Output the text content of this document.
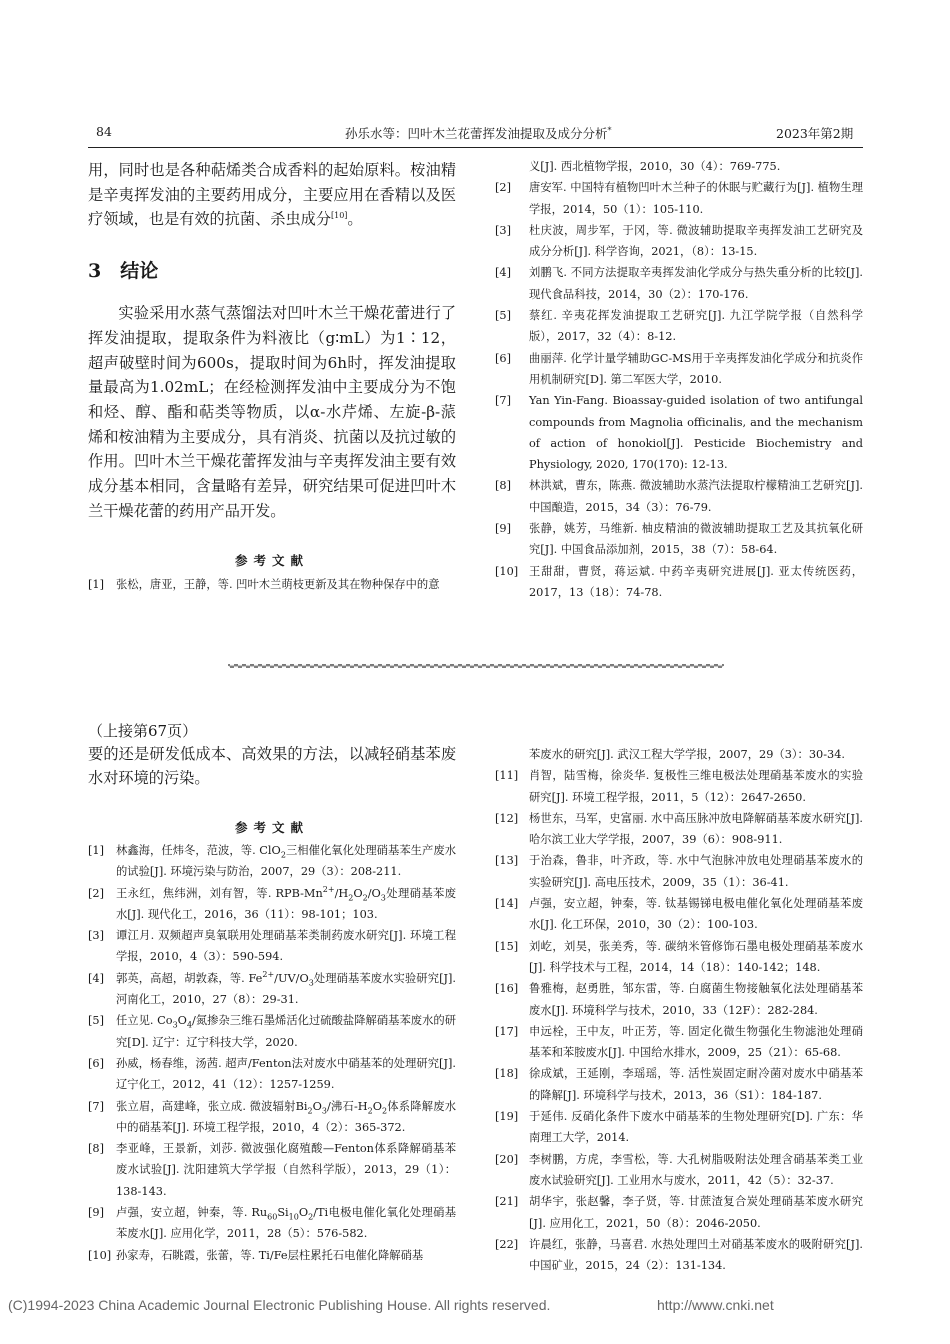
84	孙乐水等：凹叶木兰花蕾挥发油提取及成分分析*	2023年第2期
用，同时也是各种萜烯类合成香料的起始原料。桉油精是辛夷挥发油的主要药用成分，主要应用在香精以及医疗领域，也是有效的抗菌、杀虫成分[10]。
3　结论
实验采用水蒸气蒸馏法对凹叶木兰干燥花蕾进行了挥发油提取，提取条件为料液比（g∶mL）为1∶12，超声破壁时间为600s，提取时间为6h时，挥发油提取量最高为1.02mL；在经检测挥发油中主要成分为不饱和烃、醇、酯和萜类等物质，以α-水芹烯、左旋-β-蒎烯和桉油精为主要成分，具有消炎、抗菌以及抗过敏的作用。凹叶木兰干燥花蕾挥发油与辛夷挥发油主要有效成分基本相同，含量略有差异，研究结果可促进凹叶木兰干燥花蕾的药用产品开发。
参考文献
[1]	张松，唐亚，王静，等. 凹叶木兰萌枝更新及其在物种保存中的意
义[J]. 西北植物学报，2010，30（4）：769-775.
[2]	唐安军. 中国特有植物凹叶木兰种子的休眠与贮藏行为[J]. 植物生理学报，2014，50（1）：105-110.
[3]	杜庆波，周步军，于冈，等. 微波辅助提取辛夷挥发油工艺研究及成分分析[J]. 科学咨询，2021，（8）：13-15.
[4]	刘鹏飞. 不同方法提取辛夷挥发油化学成分与热失重分析的比较[J]. 现代食品科技，2014，30（2）：170-176.
[5]	蔡红. 辛夷花挥发油提取工艺研究[J]. 九江学院学报（自然科学版），2017，32（4）：8-12.
[6]	曲丽萍. 化学计量学辅助GC-MS用于辛夷挥发油化学成分和抗炎作用机制研究[D]. 第二军医大学，2010.
[7]	Yan Yin-Fang. Bioassay-guided isolation of two antifungal compounds from Magnolia officinalis, and the mechanism of action of honokiol[J]. Pesticide Biochemistry and Physiology, 2020, 170(170): 12-13.
[8]	林洪斌，曹东，陈燕. 微波辅助水蒸汽法提取柠檬精油工艺研究[J]. 中国酿造，2015，34（3）：76-79.
[9]	张静，姚芳，马维新. 柚皮精油的微波辅助提取工艺及其抗氧化研究[J]. 中国食品添加剂，2015，38（7）：58-64.
[10] 王甜甜，曹贤，蒋运斌. 中药辛夷研究进展[J]. 亚太传统医药，2017，13（18）：74-78.
（上接第67页）
要的还是研发低成本、高效果的方法，以减轻硝基苯废水对环境的污染。
参考文献
[1]	林鑫海，任炜冬，范波，等. ClO$_2$三相催化氧化处理硝基苯生产废水的试验[J]. 环境污染与防治，2007，29（3）：208-211.
[2]	王永红，焦纬洲，刘有智，等. RPB-$Mn^{2+}/H_2O_2/O_3$处理硝基苯废水[J]. 现代化工，2016，36（11）：98-101；103.
[3]	谭江月. 双频超声臭氧联用处理硝基苯类制药废水研究[J]. 环境工程学报，2010，4（3）：590-594.
[4]	郭英，高超，胡敦森，等. $Fe^{2+}/UV/O_3$处理硝基苯废水实验研究[J]. 河南化工，2010，27（8）：29-31.
[5]	任立见. $Co_3O_4/$氮掺杂三维石墨烯活化过硫酸盐降解硝基苯废水的研究[D]. 辽宁：辽宁科技大学，2020.
[6]	孙威，杨春维，汤茜. 超声/Fenton法对废水中硝基苯的处理研究[J]. 辽宁化工，2012，41（12）：1257-1259.
[7]	张立眉，高建峰，张立成. 微波辐射$Bi_2O_3/$沸石$-H_2O_2$体系降解废水中的硝基苯[J]. 环境工程学报，2010，4（2）：365-372.
[8]	李亚峰，王景新，刘莎. 微波强化腐殖酸—Fenton体系降解硝基苯废水试验[J]. 沈阳建筑大学学报（自然科学版），2013，29（1）：138-143.
[9]	卢强，安立超，钟秦，等. $Ru_{60}Si_{10}O_2/Ti$电极电催化氧化处理硝基苯废水[J]. 应用化学，2011，28（5）：576-582.
[10] 孙家寿，石眺霞，张蕾，等. Ti/Fe层柱累托石电催化降解硝基
苯废水的研究[J]. 武汉工程大学学报，2007，29（3）：30-34.
[11] 肖智，陆雪梅，徐炎华. 复极性三维电极法处理硝基苯废水的实验研究[J]. 环境工程学报，2011，5（12）：2647-2650.
[12] 杨世东，马军，史富丽. 水中高压脉冲放电降解硝基苯废水研究[J]. 哈尔滨工业大学学报，2007，39（6）：908-911.
[13] 于治森，鲁非，叶齐政，等. 水中气泡脉冲放电处理硝基苯废水的实验研究[J]. 高电压技术，2009，35（1）：36-41.
[14] 卢强，安立超，钟秦，等. 钛基锡锑电极电催化氧化处理硝基苯废水[J]. 化工环保，2010，30（2）：100-103.
[15] 刘屹，刘昊，张美秀，等. 碳纳米管修饰石墨电极处理硝基苯废水[J]. 科学技术与工程，2014，14（18）：140-142；148.
[16] 鲁雅梅，赵勇胜，邹东雷，等. 白腐菌生物接触氧化法处理硝基苯废水[J]. 环境科学与技术，2010，33（12F）：282-284.
[17] 申远栓，王中友，叶正芳，等. 固定化微生物强化生物滤池处理硝基苯和苯胺废水[J]. 中国给水排水，2009，25（21）：65-68.
[18] 徐成斌，王延刚，李瑶瑶，等. 活性炭固定耐冷菌对废水中硝基苯的降解[J]. 环境科学与技术，2013，36（S1）：184-187.
[19] 于延伟. 反硝化条件下废水中硝基苯的生物处理研究[D]. 广东：华南理工大学，2014.
[20] 李树鹏，方虎，李雪松，等. 大孔树脂吸附法处理含硝基苯类工业废水试验研究[J]. 工业用水与废水，2011，42（5）：32-37.
[21] 胡华宇，张赵馨，李子贤，等. 甘蔗渣复合炭处理硝基苯废水研究[J]. 应用化工，2021，50（8）：2046-2050.
[22] 许晨红，张静，马喜君. 水热处理凹土对硝基苯废水的吸附研究[J]. 中国矿业，2015，24（2）：131-134.
(C)1994-2023 China Academic Journal Electronic Publishing House. All rights reserved.	http://www.cnki.net
